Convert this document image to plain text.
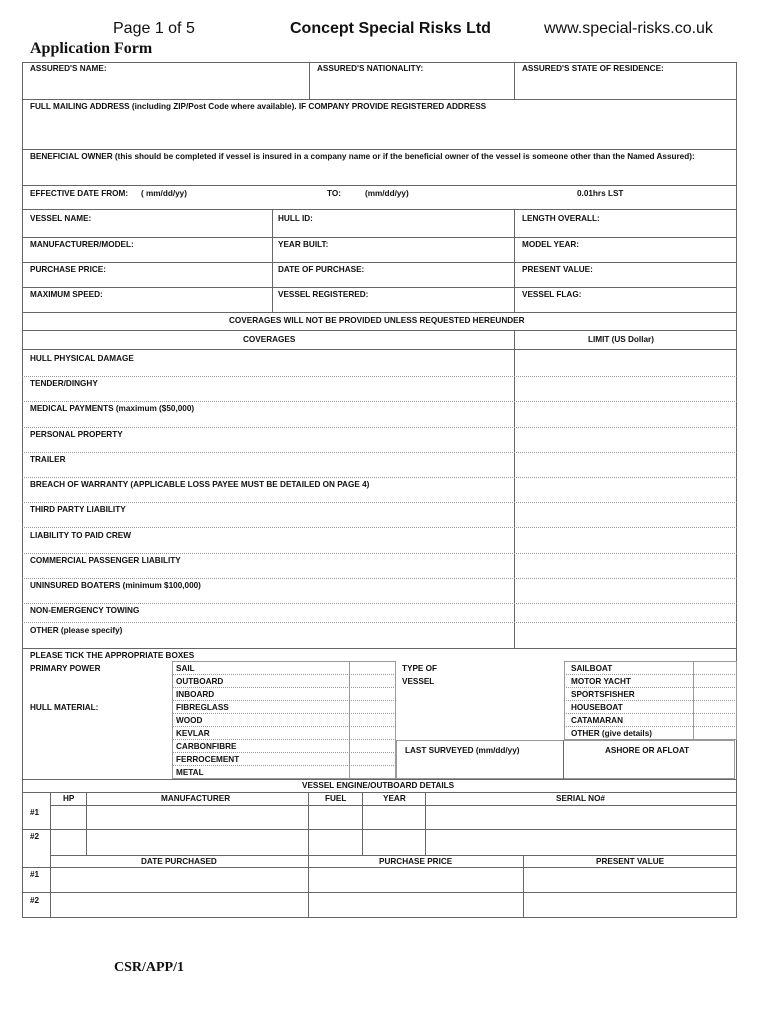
Page 1 of 5	Concept Special Risks Ltd	www.special-risks.co.uk
Application Form
ASSURED'S NAME:	ASSURED'S NATIONALITY:	ASSURED'S STATE OF RESIDENCE:
FULL MAILING ADDRESS (including ZIP/Post Code where available). IF COMPANY PROVIDE REGISTERED ADDRESS
BENEFICIAL OWNER (this should be completed if vessel is insured in a company name or if the beneficial owner of the vessel is someone other than the Named Assured):
EFFECTIVE DATE FROM: ( mm/dd/yy)	TO:	(mm/dd/yy)	0.01hrs LST
VESSEL NAME:	HULL ID:	LENGTH OVERALL:
MANUFACTURER/MODEL:	YEAR BUILT:	MODEL YEAR:
PURCHASE PRICE:	DATE OF PURCHASE:	PRESENT VALUE:
MAXIMUM SPEED:	VESSEL REGISTERED:	VESSEL FLAG:
COVERAGES WILL NOT BE PROVIDED UNLESS REQUESTED HEREUNDER
COVERAGES	LIMIT (US Dollar)
HULL PHYSICAL DAMAGE
TENDER/DINGHY
MEDICAL PAYMENTS (maximum ($50,000)
PERSONAL PROPERTY
TRAILER
BREACH OF WARRANTY (APPLICABLE LOSS PAYEE MUST BE DETAILED ON PAGE 4)
THIRD PARTY LIABILITY
LIABILITY TO PAID CREW
COMMERCIAL PASSENGER LIABILITY
UNINSURED BOATERS (minimum $100,000)
NON-EMERGENCY TOWING
OTHER (please specify)
PLEASE TICK THE APPROPRIATE BOXES
PRIMARY POWER
HULL MATERIAL:
SAIL
OUTBOARD
INBOARD
FIBREGLASS
WOOD
KEVLAR
CARBONFIBRE
FERROCEMENT
METAL
TYPE OF
VESSEL
SAILBOAT
MOTOR YACHT
SPORTSFISHER
HOUSEBOAT
CATAMARAN
OTHER (give details)
LAST SURVEYED (mm/dd/yy)	ASHORE OR AFLOAT
VESSEL ENGINE/OUTBOARD DETAILS
HP	MANUFACTURER	FUEL	YEAR	SERIAL NO#
#1
#2
DATE PURCHASED	PURCHASE PRICE	PRESENT VALUE
#1
#2
CSR/APP/1
